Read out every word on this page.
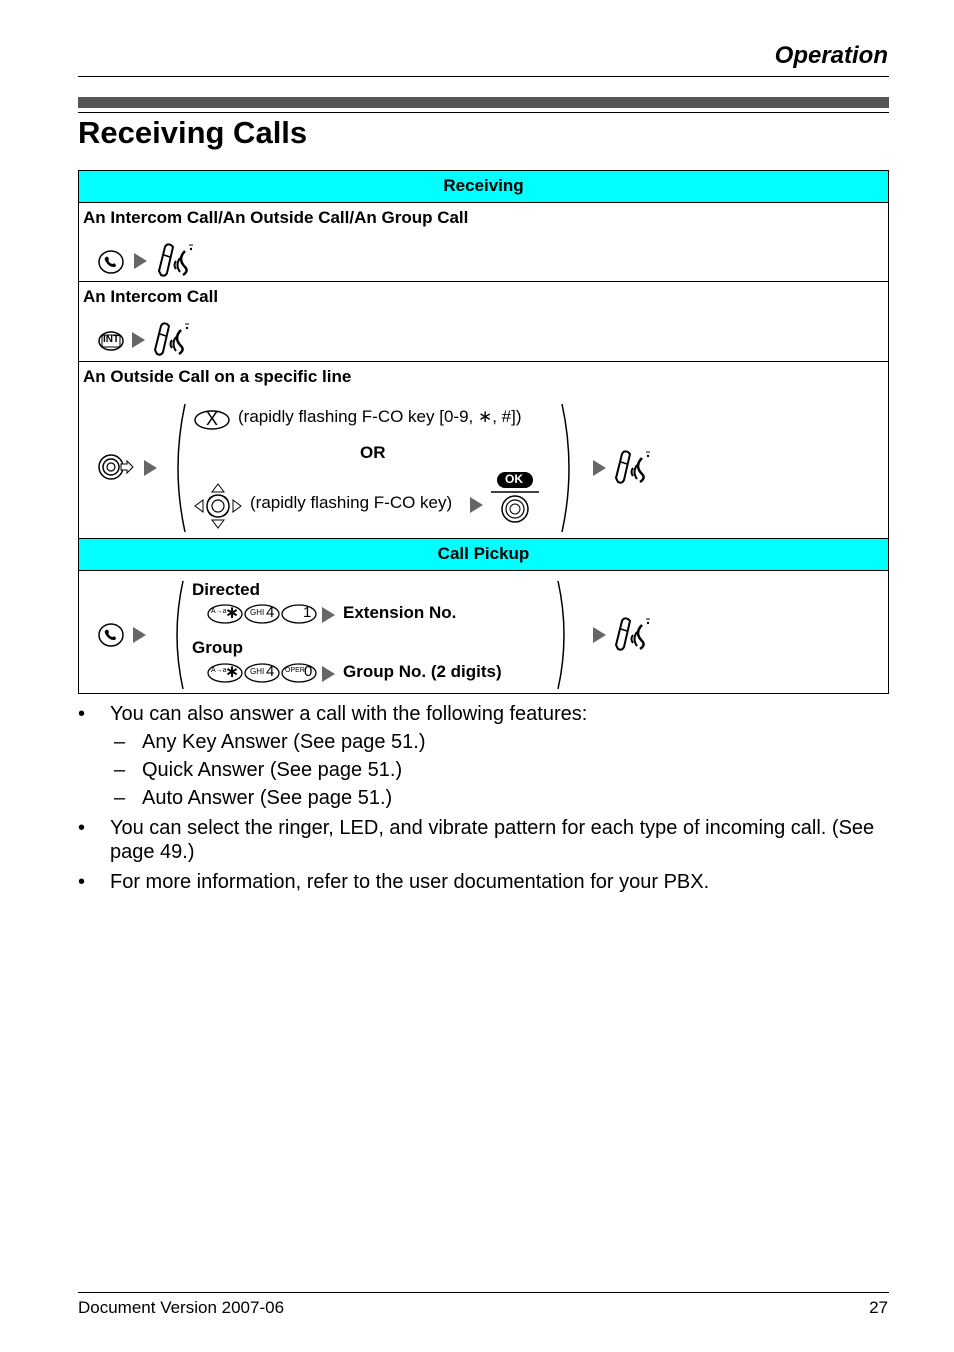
Operation
Receiving Calls
Receiving
An Intercom Call/An Outside Call/An Group Call
An Intercom Call
INT
An Outside Call on a specific line
X (rapidly flashing F-CO key [0-9, ∗, #])
OR
(rapidly flashing F-CO key)
OK
Call Pickup
Directed
A→a
∗ GHI 4 1 Extension No.
Group
A→a
∗ GHI 4 OPER 0 Group No. (2 digits)
• You can also answer a call with the following features:
– Any Key Answer (See page 51.)
– Quick Answer (See page 51.)
– Auto Answer (See page 51.)
• You can select the ringer, LED, and vibrate pattern for each type of incoming call. (See page 49.)
• For more information, refer to the user documentation for your PBX.
Document Version 2007-06	27
